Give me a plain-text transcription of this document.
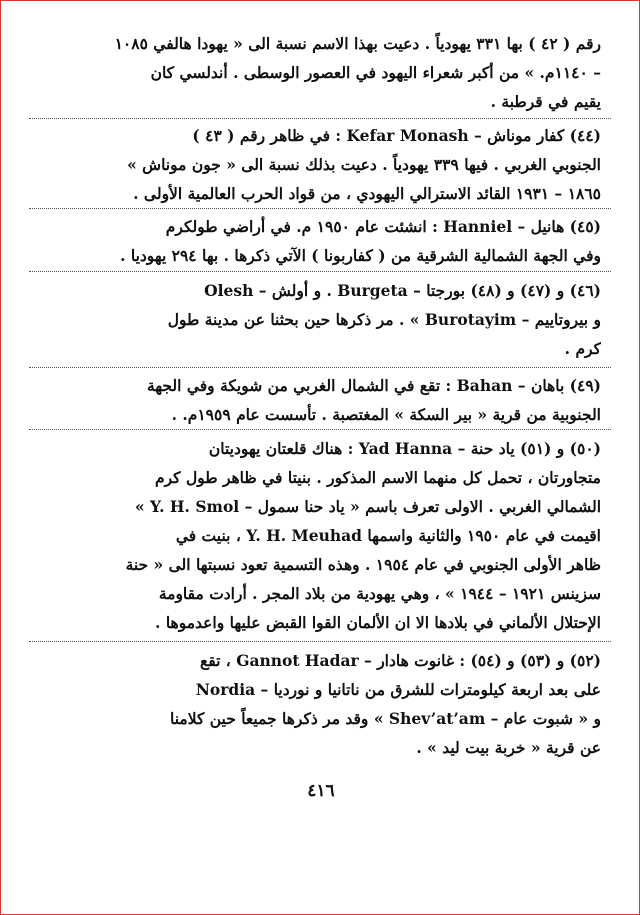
رقم ( ٤٢ ) بها ٣٣١ يهودياً . دعيت بهذا الاسم نسبة الى « يهودا هالفي ١٠٨٥
– ١١٤٠م. » من أكبر شعراء اليهود في العصور الوسطى . أندلسي كان
يقيم في قرطبة .
(٤٤) كفار موناش – Kefar Monash : في ظاهر رقم ( ٤٣ )
الجنوبي الغربي . فيها ٣٣٩ يهودياً . دعيت بذلك نسبة الى « جون موناش »
١٨٦٥ – ١٩٣١ القائد الاسترالي اليهودي ، من قواد الحرب العالمية الأولى .
(٤٥) هانيل – Hanniel : انشئت عام ١٩٥٠ م. في أراضي طولكرم
وفي الجهة الشمالية الشرقية من ( كفاربونا ) الآتي ذكرها . بها ٢٩٤ يهوديا .
(٤٦) و (٤٧) و (٤٨) بورجتا – Burgeta . و أولش – Olesh
و بيروتاييم – Burotayim » . مر ذكرها حين بحثنا عن مدينة طول
كرم .
(٤٩) باهان – Bahan : تقع في الشمال الغربي من شويكة وفي الجهة
الجنوبية من قرية « بير السكة » المغتصبة . تأسست عام ١٩٥٩م. .
(٥٠) و (٥١) ياد حنة – Yad Hanna : هناك قلعتان يهوديتان
متجاورتان ، تحمل كل منهما الاسم المذكور . بنيتا في ظاهر طول كرم
الشمالي الغربي . الاولى تعرف باسم « ياد حنا سمول – Y. H. Smol »
اقيمت في عام ١٩٥٠ والثانية واسمها Y. H. Meuhad ، بنيت في
ظاهر الأولى الجنوبي في عام ١٩٥٤ . وهذه التسمية تعود نسبتها الى « حنة
سزينس ١٩٢١ – ١٩٤٤ » ، وهي يهودية من بلاد المجر . أرادت مقاومة
الإحتلال الألماني في بلادها الا ان الألمان القوا القبض عليها واعدموها .
(٥٢) و (٥٣) و (٥٤) : غانوت هادار – Gannot Hadar ، تقع
على بعد اربعة كيلومترات للشرق من ناتانيا و نورديا – Nordia
و « شبوت عام – Shev’at’am » وقد مر ذكرها جميعاً حين كلامنا
عن قرية « خربة بيت ليد » .
٤١٦
